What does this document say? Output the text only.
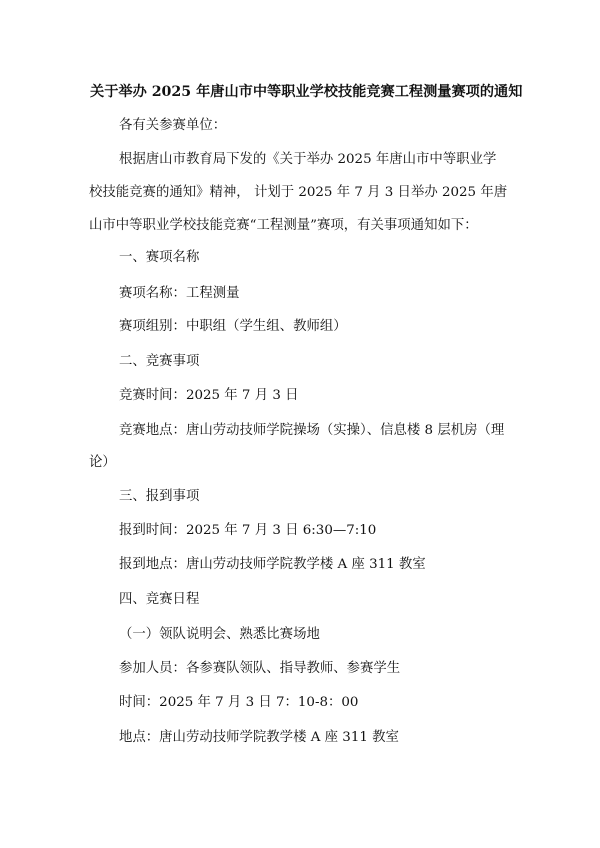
关于举办 2025 年唐山市中等职业学校技能竞赛工程测量赛项的通知
各有关参赛单位：
根据唐山市教育局下发的《关于举办 2025 年唐山市中等职业学
校技能竞赛的通知》精神， 计划于 2025 年 7 月 3 日举办 2025 年唐
山市中等职业学校技能竞赛“工程测量”赛项，有关事项通知如下：
一、赛项名称
赛项名称：工程测量
赛项组别：中职组（学生组、教师组）
二、竞赛事项
竞赛时间：2025 年 7 月 3 日
竞赛地点：唐山劳动技师学院操场（实操）、信息楼 8 层机房（理
论）
三、报到事项
报到时间：2025 年 7 月 3 日 6:30—7:10
报到地点：唐山劳动技师学院教学楼 A 座 311 教室
四、竞赛日程
（一）领队说明会、熟悉比赛场地
参加人员：各参赛队领队、指导教师、参赛学生
时间：2025 年 7 月 3 日 7：10-8：00
地点：唐山劳动技师学院教学楼 A 座 311 教室
